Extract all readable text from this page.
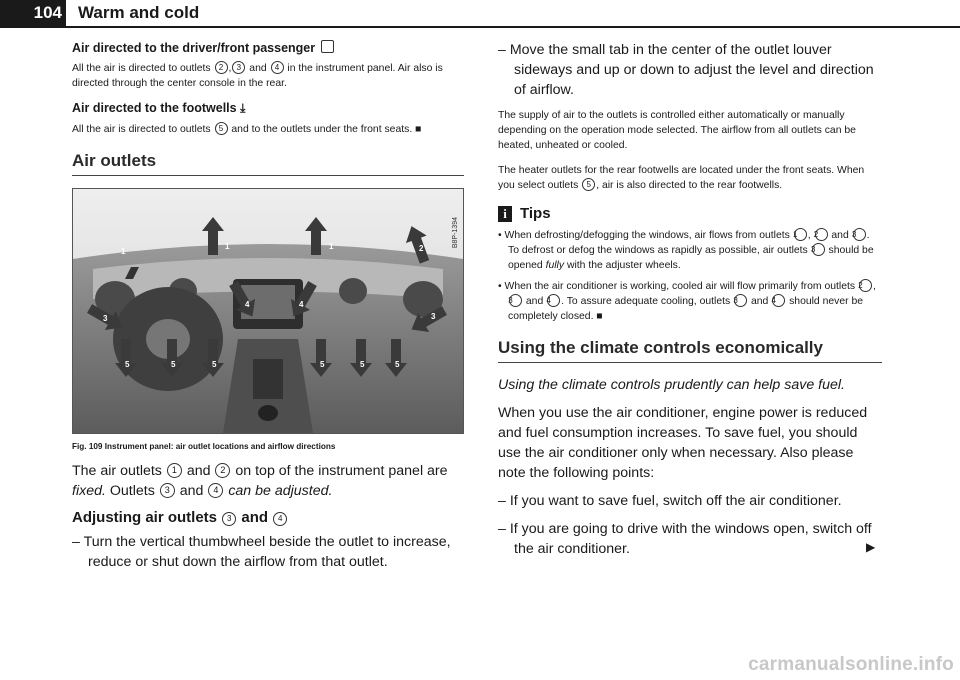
104 Warm and cold
Air directed to the driver/front passenger

All the air is directed to outlets 2 , 3 and 4 in the instrument panel. Air also is directed through the center console in the rear.

Air directed to the footwells ⤓

All the air is directed to outlets 5 and to the outlets under the front seats. ■

Air outlets
1
1	1	2
3
4	4
3
5	5	5	5	5	5
B8P-1394
Fig. 109 Instrument panel: air outlet locations and airflow directions

The air outlets 1 and 2 on top of the instrument panel are fixed. Outlets 3 and 4 can be adjusted.

Adjusting air outlets 3 and 4

– Turn the vertical thumbwheel beside the outlet to increase, reduce or shut down the airflow from that outlet.

– Move the small tab in the center of the outlet louver sideways and up or down to adjust the level and direction of airflow.

The supply of air to the outlets is controlled either automatically or manually depending on the operation mode selected. The airflow from all outlets can be heated, unheated or cooled.

The heater outlets for the rear footwells are located under the front seats. When you select outlets 5 , air is also directed to the rear footwells.

i Tips

• When defrosting/defogging the windows, air flows from outlets 1 , 2 and 3 . To defrost or defog the windows as rapidly as possible, air outlets 3 should be opened fully with the adjuster wheels.

• When the air conditioner is working, cooled air will flow primarily from outlets 2 , 3 and 4 . To assure adequate cooling, outlets 3 and 4 should never be completely closed. ■

Using the climate controls economically

Using the climate controls prudently can help save fuel.

When you use the air conditioner, engine power is reduced and fuel consumption increases. To save fuel, you should use the air conditioner only when necessary. Also please note the following points:

– If you want to save fuel, switch off the air conditioner.

– If you are going to drive with the windows open, switch off the air conditioner.	▶

carmanualsonline.info
